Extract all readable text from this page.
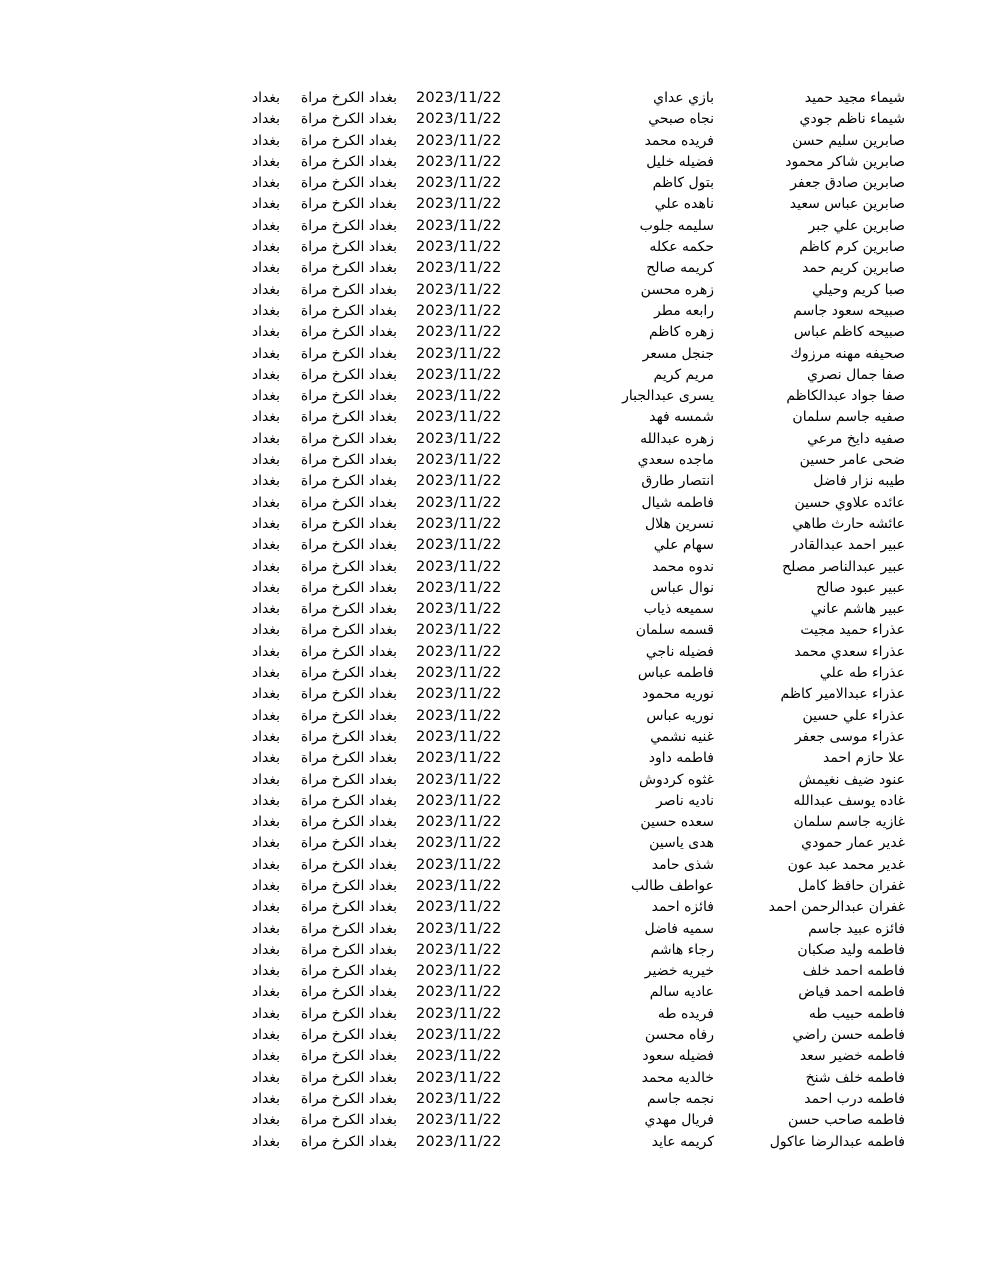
شيماء مجيد حميد
بازي عداي
2023/11/22
بغداد الكرخ مراة
بغداد
شيماء ناظم جودي
نجاه صبحي
2023/11/22
بغداد الكرخ مراة
بغداد
صابرين سليم حسن
فريده محمد
2023/11/22
بغداد الكرخ مراة
بغداد
صابرين شاكر محمود
فضيله خليل
2023/11/22
بغداد الكرخ مراة
بغداد
صابرين صادق جعفر
بتول كاظم
2023/11/22
بغداد الكرخ مراة
بغداد
صابرين عباس سعيد
ناهده علي
2023/11/22
بغداد الكرخ مراة
بغداد
صابرين علي جبر
سليمه جلوب
2023/11/22
بغداد الكرخ مراة
بغداد
صابرين كرم كاظم
حكمه عكله
2023/11/22
بغداد الكرخ مراة
بغداد
صابرين كريم حمد
كريمه صالح
2023/11/22
بغداد الكرخ مراة
بغداد
صبا كريم وحيلي
زهره محسن
2023/11/22
بغداد الكرخ مراة
بغداد
صبيحه سعود جاسم
رابعه مطر
2023/11/22
بغداد الكرخ مراة
بغداد
صبيحه كاظم عباس
زهره كاظم
2023/11/22
بغداد الكرخ مراة
بغداد
صحيفه مهنه مرزوك
جنجل مسعر
2023/11/22
بغداد الكرخ مراة
بغداد
صفا جمال نصري
مريم كريم
2023/11/22
بغداد الكرخ مراة
بغداد
صفا جواد عبدالكاظم
يسرى عبدالجبار
2023/11/22
بغداد الكرخ مراة
بغداد
صفيه جاسم سلمان
شمسه فهد
2023/11/22
بغداد الكرخ مراة
بغداد
صفيه دايخ مرعي
زهره عبدالله
2023/11/22
بغداد الكرخ مراة
بغداد
ضحى عامر حسين
ماجده سعدي
2023/11/22
بغداد الكرخ مراة
بغداد
طيبه نزار فاضل
انتصار طارق
2023/11/22
بغداد الكرخ مراة
بغداد
عائده علاوي حسين
فاطمه شيال
2023/11/22
بغداد الكرخ مراة
بغداد
عائشه حارث طاهي
نسرين هلال
2023/11/22
بغداد الكرخ مراة
بغداد
عبير احمد عبدالقادر
سهام علي
2023/11/22
بغداد الكرخ مراة
بغداد
عبير عبدالناصر مصلح
ندوه محمد
2023/11/22
بغداد الكرخ مراة
بغداد
عبير عبود صالح
نوال عباس
2023/11/22
بغداد الكرخ مراة
بغداد
عبير هاشم عاني
سميعه ذياب
2023/11/22
بغداد الكرخ مراة
بغداد
عذراء حميد مجيت
قسمه سلمان
2023/11/22
بغداد الكرخ مراة
بغداد
عذراء سعدي محمد
فضيله ناجي
2023/11/22
بغداد الكرخ مراة
بغداد
عذراء طه علي
فاطمه عباس
2023/11/22
بغداد الكرخ مراة
بغداد
عذراء عبدالامير كاظم
نوريه محمود
2023/11/22
بغداد الكرخ مراة
بغداد
عذراء علي حسين
نوريه عباس
2023/11/22
بغداد الكرخ مراة
بغداد
عذراء موسى جعفر
غنيه نشمي
2023/11/22
بغداد الكرخ مراة
بغداد
علا حازم احمد
فاطمه داود
2023/11/22
بغداد الكرخ مراة
بغداد
عنود ضيف نغيمش
غثوه كردوش
2023/11/22
بغداد الكرخ مراة
بغداد
غاده يوسف عبدالله
ناديه ناصر
2023/11/22
بغداد الكرخ مراة
بغداد
غازيه جاسم سلمان
سعده حسين
2023/11/22
بغداد الكرخ مراة
بغداد
غدير عمار حمودي
هدى ياسين
2023/11/22
بغداد الكرخ مراة
بغداد
غدير محمد عبد عون
شذى حامد
2023/11/22
بغداد الكرخ مراة
بغداد
غفران حافظ كامل
عواطف طالب
2023/11/22
بغداد الكرخ مراة
بغداد
غفران عبدالرحمن احمد
فائزه احمد
2023/11/22
بغداد الكرخ مراة
بغداد
فائزه عبيد جاسم
سميه فاضل
2023/11/22
بغداد الكرخ مراة
بغداد
فاطمه وليد صكبان
رجاء هاشم
2023/11/22
بغداد الكرخ مراة
بغداد
فاطمه احمد خلف
خيريه خضير
2023/11/22
بغداد الكرخ مراة
بغداد
فاطمه احمد فياض
عاديه سالم
2023/11/22
بغداد الكرخ مراة
بغداد
فاطمه حبيب طه
فريده طه
2023/11/22
بغداد الكرخ مراة
بغداد
فاطمه حسن راضي
رفاه محسن
2023/11/22
بغداد الكرخ مراة
بغداد
فاطمه خضير سعد
فضيله سعود
2023/11/22
بغداد الكرخ مراة
بغداد
فاطمه خلف شنخ
خالديه محمد
2023/11/22
بغداد الكرخ مراة
بغداد
فاطمه درب احمد
نجمه جاسم
2023/11/22
بغداد الكرخ مراة
بغداد
فاطمه صاحب حسن
فريال مهدي
2023/11/22
بغداد الكرخ مراة
بغداد
فاطمه عبدالرضا عاكول
كريمه عايد
2023/11/22
بغداد الكرخ مراة
بغداد
